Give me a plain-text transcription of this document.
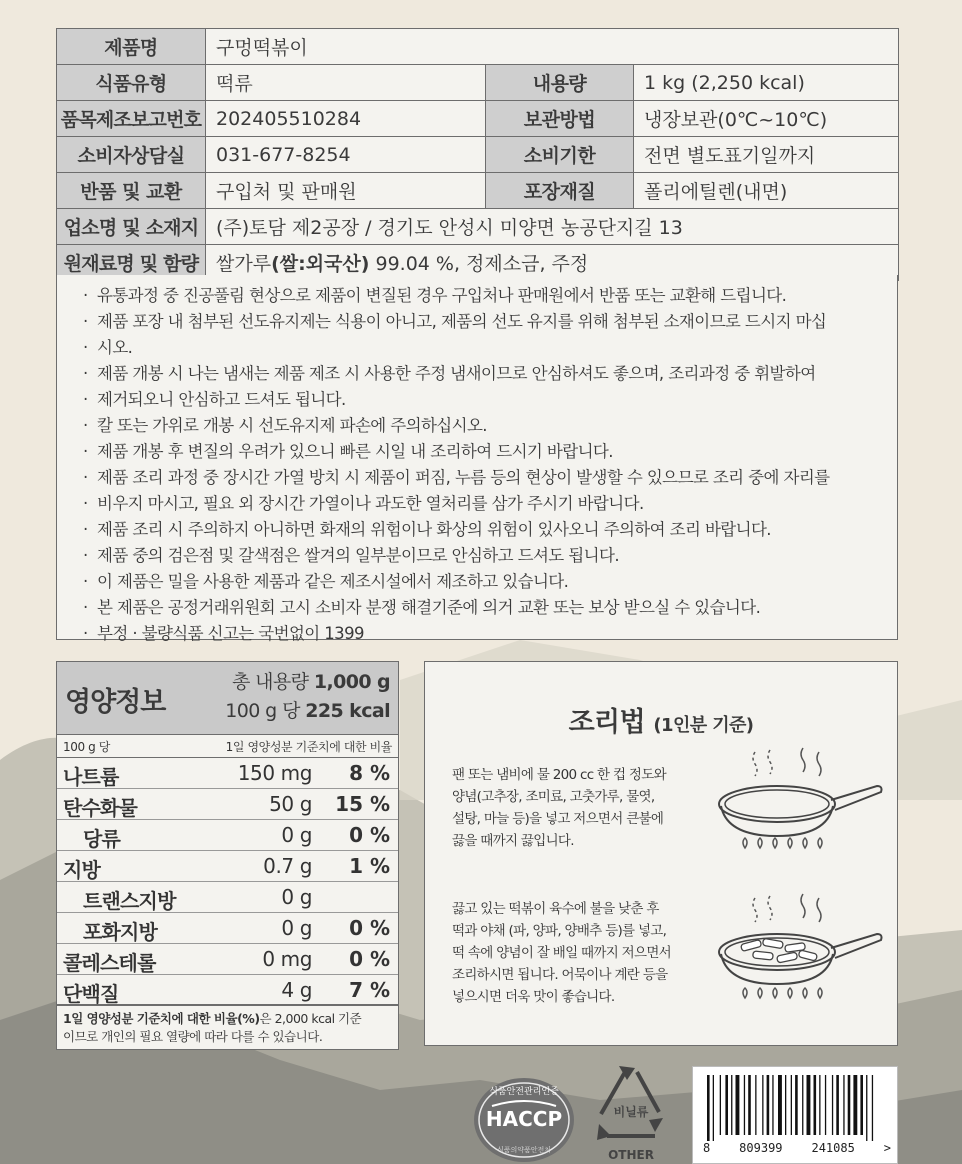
제품명	구멍떡볶이		
식품유형	떡류	내용량	1 kg (2,250 kcal)
품목제조보고번호	202405510284	보관방법	냉장보관(0℃~10℃)
소비자상담실	031-677-8254	소비기한	전면 별도표기일까지
반품 및 교환	구입처 및 판매원	포장재질	폴리에틸렌(내면)
업소명 및 소재지	(주)토담 제2공장 / 경기도 안성시 미양면 농공단지길 13		
원재료명 및 함량	쌀가루(쌀:외국산) 99.04 %, 정제소금, 주정		
· 유통과정 중 진공풀림 현상으로 제품이 변질된 경우 구입처나 판매원에서 반품 또는 교환해 드립니다.
· 제품 포장 내 첨부된 선도유지제는 식용이 아니고, 제품의 선도 유지를 위해 첨부된 소재이므로 드시지 마십
· 시오.
· 제품 개봉 시 나는 냄새는 제품 제조 시 사용한 주정 냄새이므로 안심하셔도 좋으며, 조리과정 중 휘발하여
· 제거되오니 안심하고 드셔도 됩니다.
· 칼 또는 가위로 개봉 시 선도유지제 파손에 주의하십시오.
· 제품 개봉 후 변질의 우려가 있으니 빠른 시일 내 조리하여 드시기 바랍니다.
· 제품 조리 과정 중 장시간 가열 방치 시 제품이 퍼짐, 누름 등의 현상이 발생할 수 있으므로 조리 중에 자리를
· 비우지 마시고, 필요 외 장시간 가열이나 과도한 열처리를 삼가 주시기 바랍니다.
· 제품 조리 시 주의하지 아니하면 화재의 위험이나 화상의 위험이 있사오니 주의하여 조리 바랍니다.
· 제품 중의 검은점 및 갈색점은 쌀겨의 일부분이므로 안심하고 드셔도 됩니다.
· 이 제품은 밀을 사용한 제품과 같은 제조시설에서 제조하고 있습니다.
· 본 제품은 공정거래위원회 고시 소비자 분쟁 해결기준에 의거 교환 또는 보상 받으실 수 있습니다.
· 부정 · 불량식품 신고는 국번없이 1399
영양정보
총 내용량 1,000 g
100 g 당 225 kcal
100 g 당	1일 영양성분 기준치에 대한 비율
나트륨	150 mg 8 %
탄수화물	50 g 15 %
당류	0 g 0 %
지방	0.7 g 1 %
트랜스지방	0 g
포화지방	0 g 0 %
콜레스테롤	0 mg 0 %
단백질	4 g 7 %
1일 영양성분 기준치에 대한 비율(%)은 2,000 kcal 기준
이므로 개인의 필요 열량에 따라 다를 수 있습니다.
조리법 (1인분 기준)
팬 또는 냄비에 물 200 cc 한 컵 정도와
양념(고추장, 조미료, 고춧가루, 물엿,
설탕, 마늘 등)을 넣고 저으면서 큰불에
끓을 때까지 끓입니다.
끓고 있는 떡볶이 육수에 불을 낮춘 후
떡과 야채 (파, 양파, 양배추 등)를 넣고,
떡 속에 양념이 잘 배일 때까지 저으면서
조리하시면 됩니다. 어묵이나 계란 등을
넣으시면 더욱 맛이 좋습니다.
식품안전관리인증
HACCP
식품의약품안전처
비닐류
OTHER	8 809399 241085 >
